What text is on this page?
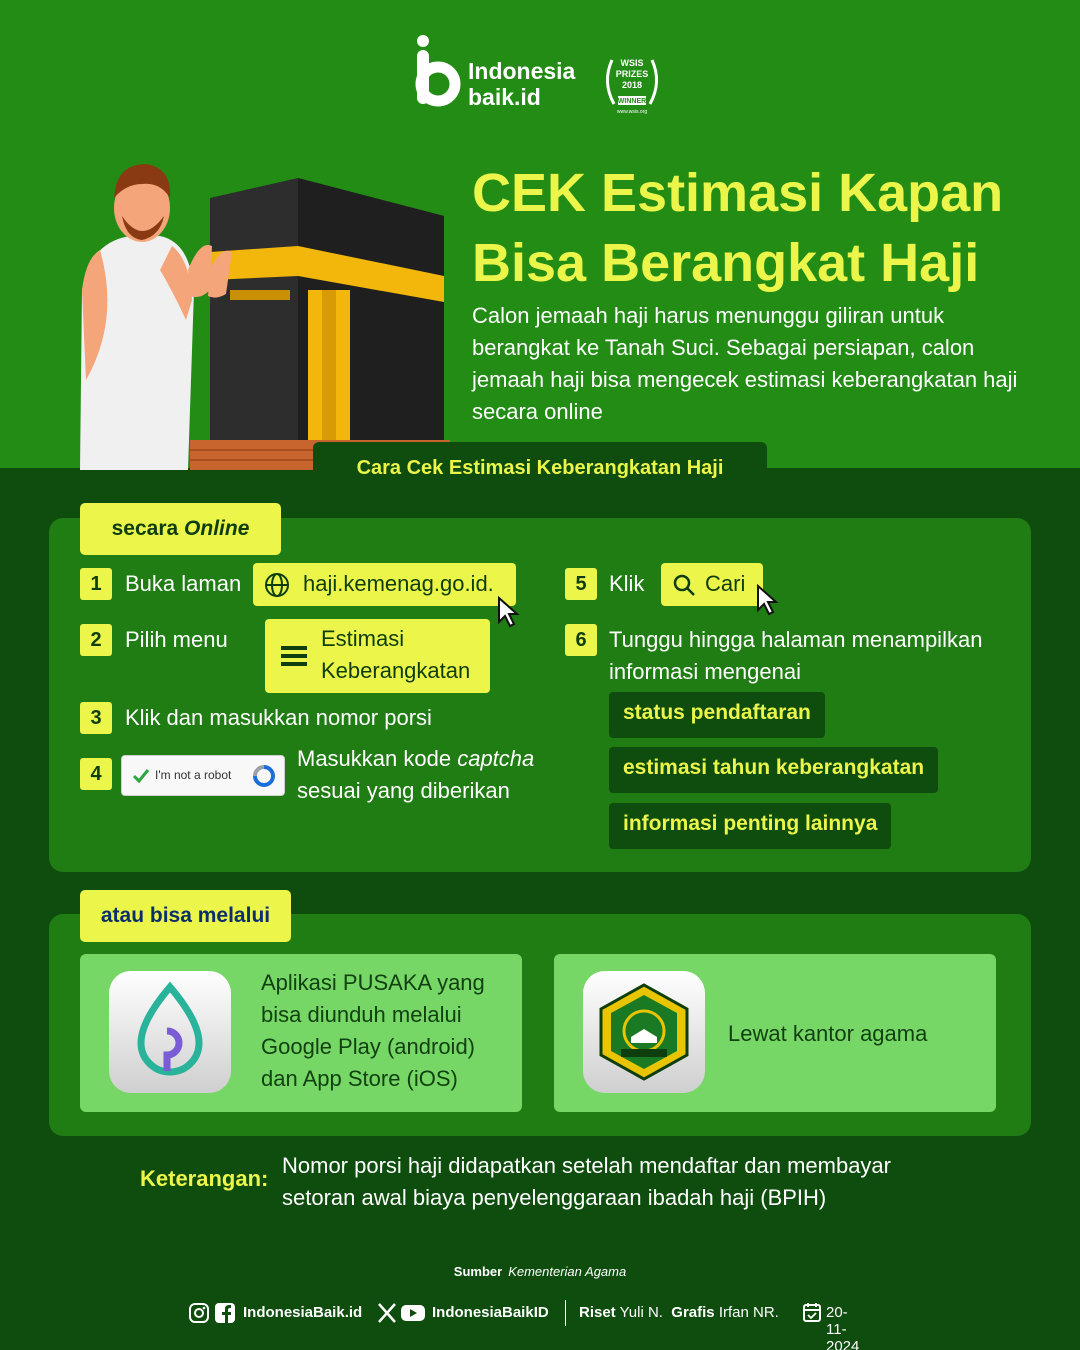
Indonesia
baik.id
WSIS
PRIZES
2018
WINNER
www.wsis.org
CEK Estimasi Kapan
Bisa Berangkat Haji
Calon jemaah haji harus menunggu giliran untuk berangkat ke Tanah Suci. Sebagai persiapan, calon jemaah haji bisa mengecek estimasi keberangkatan haji secara online
Cara Cek Estimasi Keberangkatan Haji
secara Online
1	Buka laman	haji.kemenag.go.id.
2	Pilih menu	Estimasi
Keberangkatan
3	Klik dan masukkan nomor porsi
4	I'm not a robot
Masukkan kode captcha
sesuai yang diberikan
5	Klik	Cari
6	Tunggu hingga halaman menampilkan
informasi mengenai
status pendaftaran
estimasi tahun keberangkatan
informasi penting lainnya
atau bisa melalui
Aplikasi PUSAKA yang
bisa diunduh melalui
Google Play (android)
dan App Store (iOS)
Lewat kantor agama
Keterangan:
Nomor porsi haji didapatkan setelah mendaftar dan membayar
setoran awal biaya penyelenggaraan ibadah haji (BPIH)
Sumber Kementerian Agama
IndonesiaBaik.id	IndonesiaBaikID Riset Yuli N. Grafis Irfan NR.	20-11-2024
